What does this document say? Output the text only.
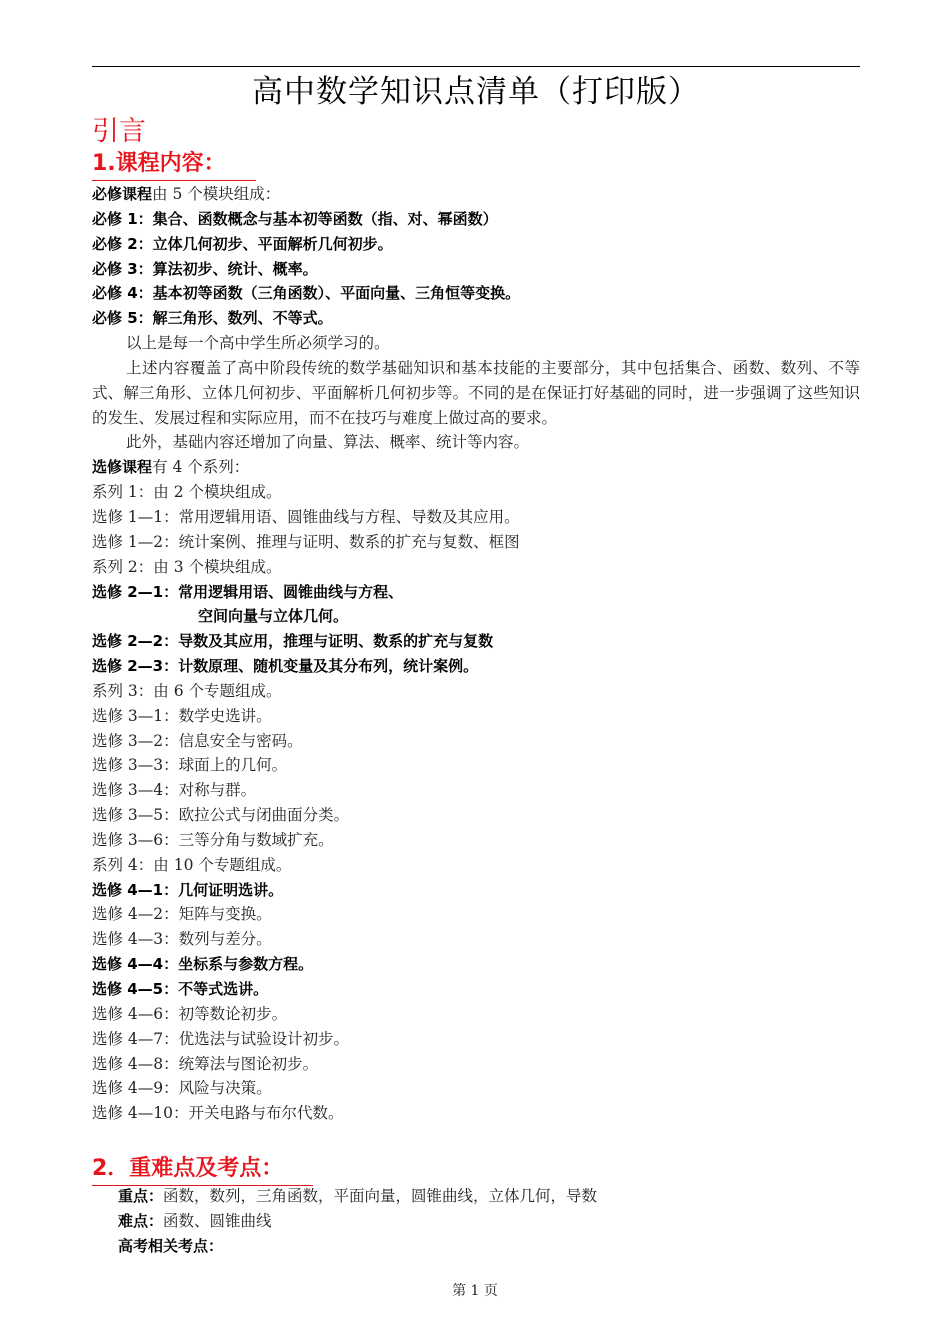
高中数学知识点清单（打印版）
引言
1.课程内容：
必修课程由 5 个模块组成：
必修 1：集合、函数概念与基本初等函数（指、对、幂函数）
必修 2：立体几何初步、平面解析几何初步。
必修 3：算法初步、统计、概率。
必修 4：基本初等函数（三角函数）、平面向量、三角恒等变换。
必修 5：解三角形、数列、不等式。
以上是每一个高中学生所必须学习的。

上述内容覆盖了高中阶段传统的数学基础知识和基本技能的主要部分，其中包括集合、函数、数列、不等式、解三角形、立体几何初步、平面解析几何初步等。不同的是在保证打好基础的同时，进一步强调了这些知识的发生、发展过程和实际应用，而不在技巧与难度上做过高的要求。

此外，基础内容还增加了向量、算法、概率、统计等内容。
选修课程有 4 个系列：
系列 1：由 2 个模块组成。
选修 1—1：常用逻辑用语、圆锥曲线与方程、导数及其应用。
选修 1—2：统计案例、推理与证明、数系的扩充与复数、框图
系列 2：由 3 个模块组成。
选修 2—1：常用逻辑用语、圆锥曲线与方程、
空间向量与立体几何。
选修 2—2：导数及其应用，推理与证明、数系的扩充与复数
选修 2—3：计数原理、随机变量及其分布列，统计案例。
系列 3：由 6 个专题组成。
选修 3—1：数学史选讲。
选修 3—2：信息安全与密码。
选修 3—3：球面上的几何。
选修 3—4：对称与群。
选修 3—5：欧拉公式与闭曲面分类。
选修 3—6：三等分角与数域扩充。
系列 4：由 10 个专题组成。
选修 4—1：几何证明选讲。
选修 4—2：矩阵与变换。
选修 4—3：数列与差分。
选修 4—4：坐标系与参数方程。
选修 4—5：不等式选讲。
选修 4—6：初等数论初步。
选修 4—7：优选法与试验设计初步。
选修 4—8：统筹法与图论初步。
选修 4—9：风险与决策。
选修 4—10：开关电路与布尔代数。
2．重难点及考点：
重点：函数，数列，三角函数，平面向量，圆锥曲线，立体几何，导数
难点：函数、圆锥曲线
高考相关考点：
第 1 页
